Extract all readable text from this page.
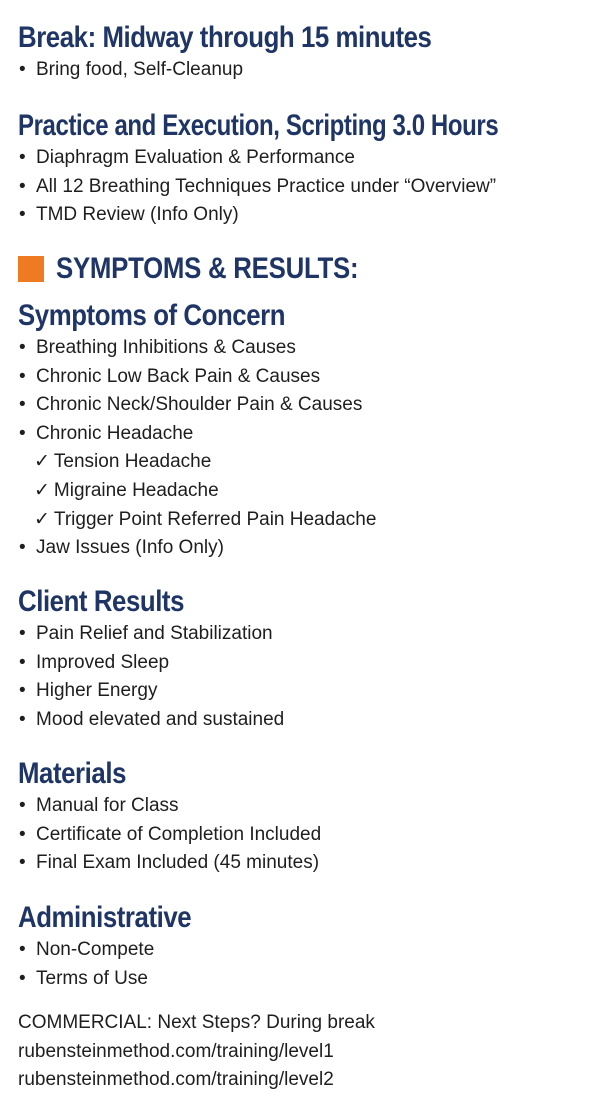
Break: Midway through 15 minutes
• Bring food, Self-Cleanup
Practice and Execution, Scripting 3.0 Hours
• Diaphragm Evaluation & Performance
• All 12 Breathing Techniques Practice under “Overview”
• TMD Review (Info Only)
SYMPTOMS & RESULTS:
Symptoms of Concern
• Breathing Inhibitions & Causes
• Chronic Low Back Pain & Causes
• Chronic Neck/Shoulder Pain & Causes
• Chronic Headache
✓ Tension Headache
✓ Migraine Headache
✓ Trigger Point Referred Pain Headache
• Jaw Issues (Info Only)
Client Results
• Pain Relief and Stabilization
• Improved Sleep
• Higher Energy
• Mood elevated and sustained
Materials
• Manual for Class
• Certificate of Completion Included
• Final Exam Included (45 minutes)
Administrative
• Non-Compete
• Terms of Use
COMMERCIAL: Next Steps? During break
rubensteinmethod.com/training/level1
rubensteinmethod.com/training/level2
